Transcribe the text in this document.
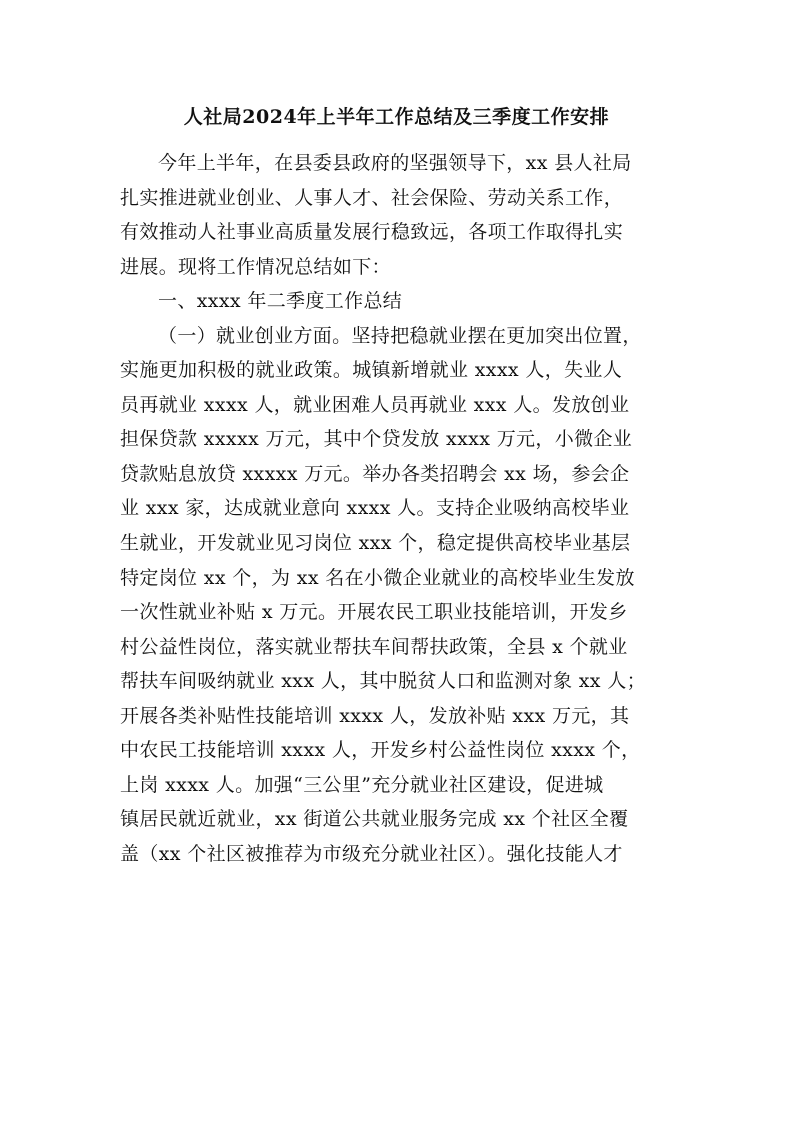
人社局2024年上半年工作总结及三季度工作安排
今年上半年，在县委县政府的坚强领导下，xx 县人社局
扎实推进就业创业、人事人才、社会保险、劳动关系工作，
有效推动人社事业高质量发展行稳致远，各项工作取得扎实
进展。现将工作情况总结如下：
一、xxxx 年二季度工作总结
（一）就业创业方面。坚持把稳就业摆在更加突出位置，
实施更加积极的就业政策。城镇新增就业 xxxx 人，失业人
员再就业 xxxx 人，就业困难人员再就业 xxx 人。发放创业
担保贷款 xxxxx 万元，其中个贷发放 xxxx 万元，小微企业
贷款贴息放贷 xxxxx 万元。举办各类招聘会 xx 场，参会企
业 xxx 家，达成就业意向 xxxx 人。支持企业吸纳高校毕业
生就业，开发就业见习岗位 xxx 个，稳定提供高校毕业基层
特定岗位 xx 个，为 xx 名在小微企业就业的高校毕业生发放
一次性就业补贴 x 万元。开展农民工职业技能培训，开发乡
村公益性岗位，落实就业帮扶车间帮扶政策，全县 x 个就业
帮扶车间吸纳就业 xxx 人，其中脱贫人口和监测对象 xx 人；
开展各类补贴性技能培训 xxxx 人，发放补贴 xxx 万元，其
中农民工技能培训 xxxx 人，开发乡村公益性岗位 xxxx 个，
上岗 xxxx 人。加强“三公里”充分就业社区建设，促进城
镇居民就近就业，xx 街道公共就业服务完成 xx 个社区全覆
盖（xx 个社区被推荐为市级充分就业社区）。强化技能人才
